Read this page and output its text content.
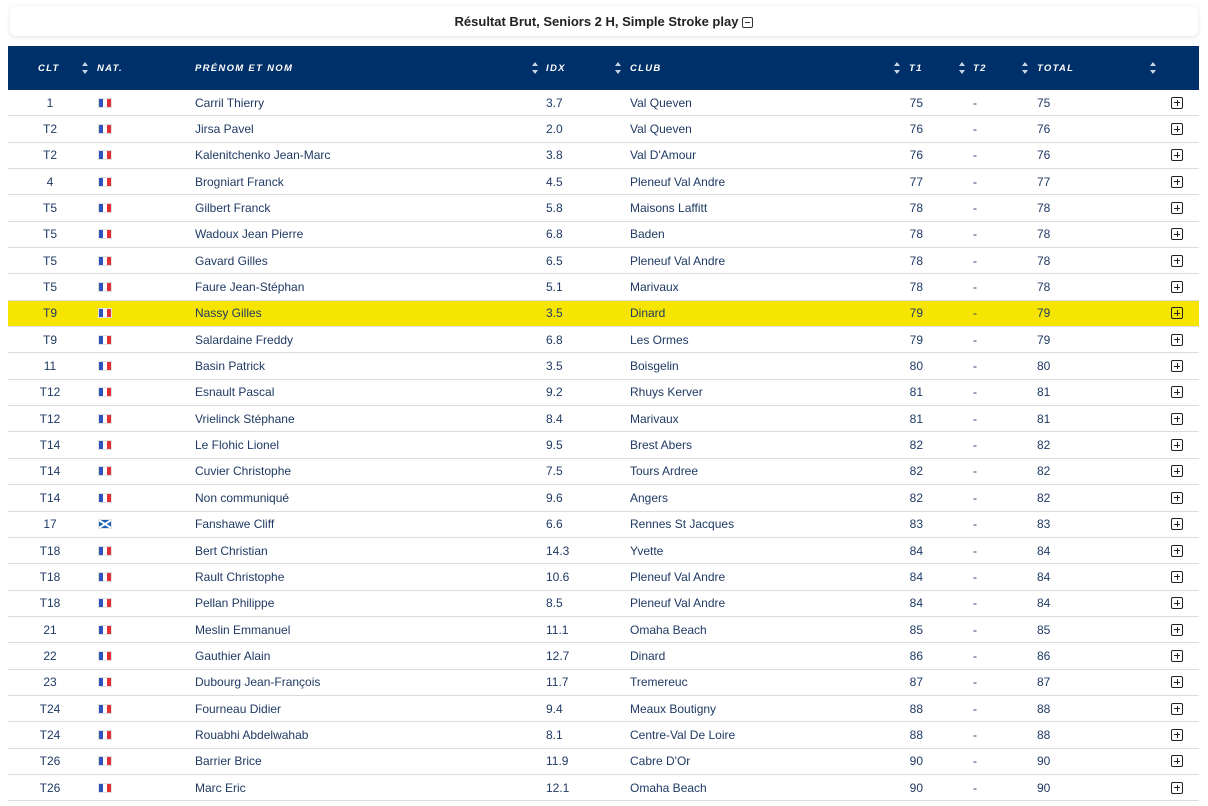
Résultat Brut, Seniors 2 H, Simple Stroke play
CLT	NAT.	PRÉNOM ET NOM	IDX	CLUB	T1	T2	TOTAL
1	Carril Thierry	3.7	Val Queven	75	-	75
T2	Jirsa Pavel	2.0	Val Queven	76	-	76
T2	Kalenitchenko Jean-Marc	3.8	Val D'Amour	76	-	76
4	Brogniart Franck	4.5	Pleneuf Val Andre	77	-	77
T5	Gilbert Franck	5.8	Maisons Laffitt	78	-	78
T5	Wadoux Jean Pierre	6.8	Baden	78	-	78
T5	Gavard Gilles	6.5	Pleneuf Val Andre	78	-	78
T5	Faure Jean-Stéphan	5.1	Marivaux	78	-	78
T9	Nassy Gilles	3.5	Dinard	79	-	79
T9	Salardaine Freddy	6.8	Les Ormes	79	-	79
11	Basin Patrick	3.5	Boisgelin	80	-	80
T12	Esnault Pascal	9.2	Rhuys Kerver	81	-	81
T12	Vrielinck Stéphane	8.4	Marivaux	81	-	81
T14	Le Flohic Lionel	9.5	Brest Abers	82	-	82
T14	Cuvier Christophe	7.5	Tours Ardree	82	-	82
T14	Non communiqué	9.6	Angers	82	-	82
17	Fanshawe Cliff	6.6	Rennes St Jacques	83	-	83
T18	Bert Christian	14.3	Yvette	84	-	84
T18	Rault Christophe	10.6	Pleneuf Val Andre	84	-	84
T18	Pellan Philippe	8.5	Pleneuf Val Andre	84	-	84
21	Meslin Emmanuel	11.1	Omaha Beach	85	-	85
22	Gauthier Alain	12.7	Dinard	86	-	86
23	Dubourg Jean-François	11.7	Tremereuc	87	-	87
T24	Fourneau Didier	9.4	Meaux Boutigny	88	-	88
T24	Rouabhi Abdelwahab	8.1	Centre-Val De Loire	88	-	88
T26	Barrier Brice	11.9	Cabre D'Or	90	-	90
T26	Marc Eric	12.1	Omaha Beach	90	-	90
